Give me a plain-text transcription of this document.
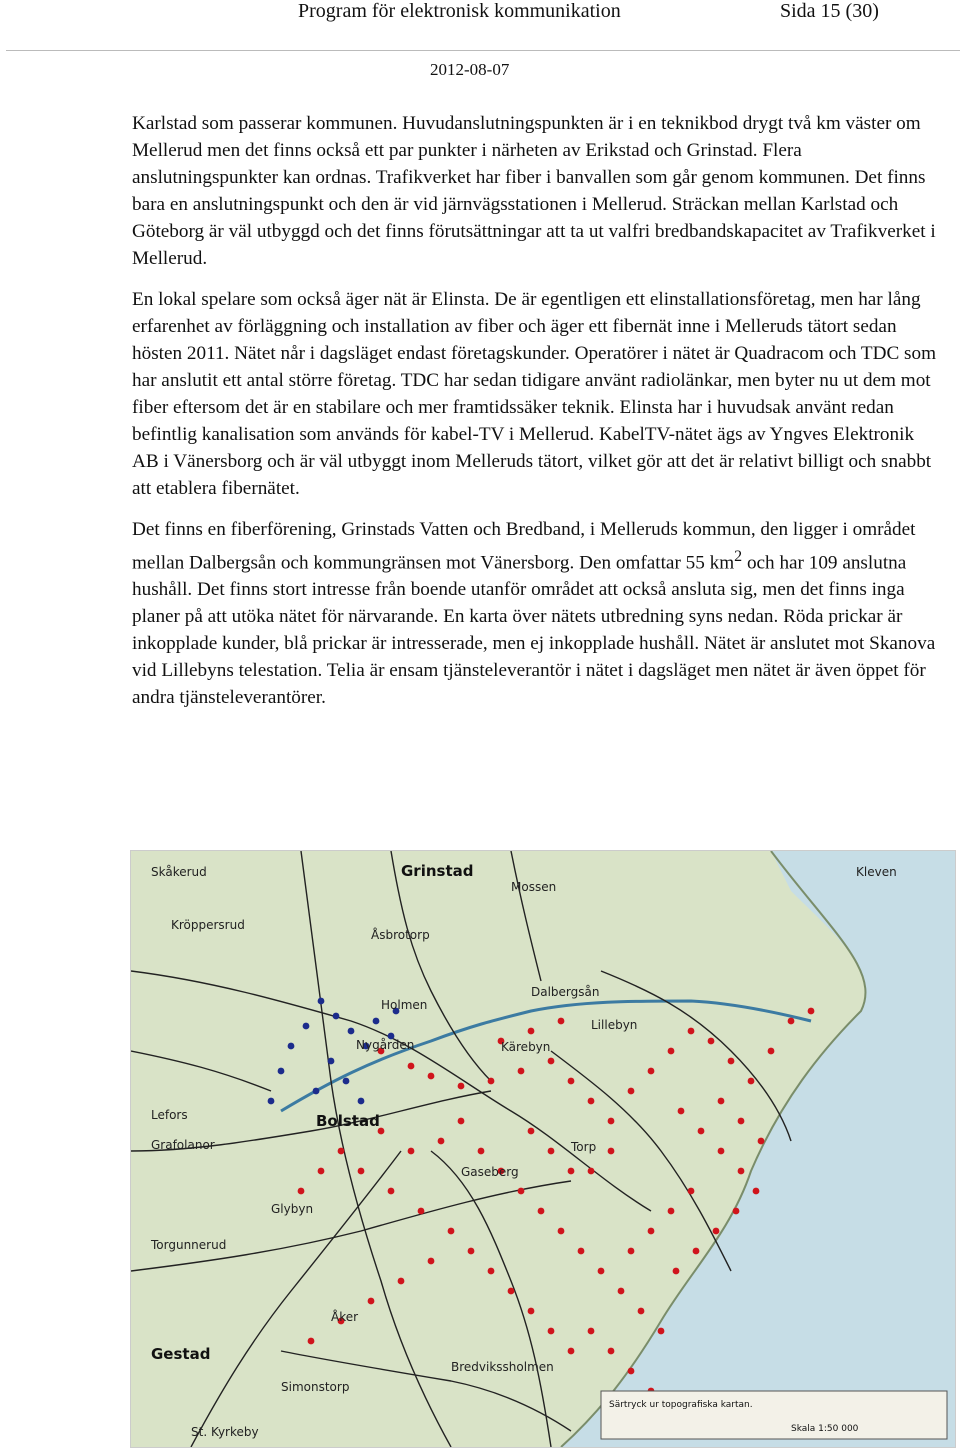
Program för elektronisk kommunikation	Sida 15 (30)
2012-08-07

Karlstad som passerar kommunen. Huvudanslutningspunkten är i en teknikbod drygt två km väster om Mellerud men det finns också ett par punkter i närheten av Erikstad och Grinstad. Flera anslutningspunkter kan ordnas. Trafikverket har fiber i banvallen som går genom kommunen. Det finns bara en anslutningspunkt och den är vid järnvägsstationen i Mellerud. Sträckan mellan Karlstad och Göteborg är väl utbyggd och det finns förutsättningar att ta ut valfri bredbandskapacitet av Trafikverket i Mellerud.

En lokal spelare som också äger nät är Elinsta. De är egentligen ett elinstallationsföretag, men har lång erfarenhet av förläggning och installation av fiber och äger ett fibernät inne i Melleruds tätort sedan hösten 2011. Nätet når i dagsläget endast företagskunder. Operatörer i nätet är Quadracom och TDC som har anslutit ett antal större företag. TDC har sedan tidigare använt radiolänkar, men byter nu ut dem mot fiber eftersom det är en stabilare och mer framtidssäker teknik. Elinsta har i huvudsak använt redan befintlig kanalisation som används för kabel-TV i Mellerud. KabelTV-nätet ägs av Yngves Elektronik AB i Vänersborg och är väl utbyggt inom Melleruds tätort, vilket gör att det är relativt billigt och snabbt att etablera fibernätet.

Det finns en fiberförening, Grinstads Vatten och Bredband, i Melleruds kommun, den ligger i området mellan Dalbergsån och kommungränsen mot Vänersborg. Den omfattar 55 $km^2$ och har 109 anslutna hushåll. Det finns stort intresse från boende utanför området att också ansluta sig, men det finns inga planer på att utöka nätet för närvarande. En karta över nätets utbredning syns nedan. Röda prickar är inkopplade kunder, blå prickar är intresserade, men ej inkopplade hushåll. Nätet är anslutet mot Skanova vid Lillebyns telestation. Telia är ensam tjänsteleverantör i nätet i dagsläget men nätet är även öppet för andra tjänsteleverantörer.

Grinstad
Skåkerud
Kröppersrud
Åsbrotorp
Mossen
Holmen
Nygården	Kärebyn
Bolstad
Torp
Gaseberg
Glybyn
Torgunnerud
Åker
Gestad
Simonstorp
St. Kyrkeby
Bredvikssholmen
Kleven
Dalbergsån
Lefors
Grafolanor
Lillebyn
Särtryck ur topografiska kartan.
Skala 1:50 000
